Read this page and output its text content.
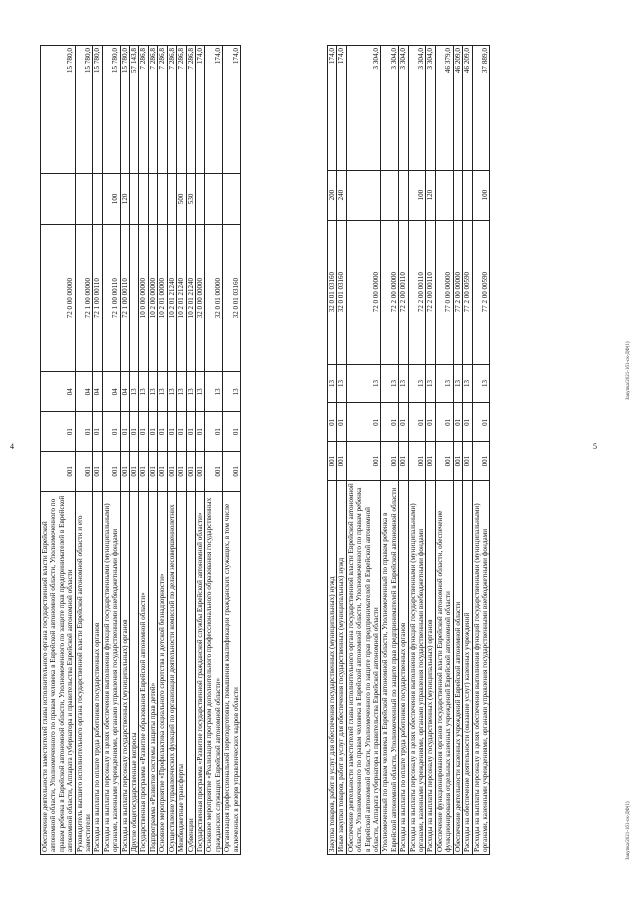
4	5
Закупка/2021-1б1-ск-ДФ(1)
Закупка/2021-1б1-ск-ДФ(1)
Обеспечение деятельности заместителей главы исполнительного органа государственной власти Еврейской автономной области, Уполномоченного по правам человека в Еврейской автономной области, Уполномоченного по правам ребенка в Еврейской автономной области, Уполномоченного по защите прав предпринимателей в Еврейской автономной области, Аппарата губернатора и правительства Еврейской автономной области	001	01	04	72 0 00 00000		15 780,0
Руководитель высшего исполнительного органа государственной власти Еврейской автономной области и его заместители	001	01	04	72 1 00 00000		15 780,0
Расходы на выплаты по оплате труда работников государственных органов	001	01	04	72 1 00 00110		15 780,0
Расходы на выплаты персоналу в целях обеспечения выполнения функций государственными (муниципальными) органами, казенными учреждениями, органами управления государственными внебюджетными фондами	001	01	04	72 1 00 00110	100	15 780,0
Расходы на выплаты персоналу государственных (муниципальных) органов	001	01	04	72 1 00 00110	120	15 780,0
Другие общегосударственные вопросы	001	01	13			57 143,8
Государственная программа «Развитие образования Еврейской автономной области»	001	01	13	10 0 00 00000		7 286,8
Подпрограмма «Развитие системы защиты прав детей»	001	01	13	10 2 00 00000		7 286,8
Основное мероприятие «Профилактика социального сиротства и детской безнадзорности»	001	01	13	10 2 01 00000		7 286,8
Осуществление управленческих функций по организации деятельности комиссий по делам несовершеннолетних	001	01	13	10 2 01 21240		7 286,8
Межбюджетные трансферты	001	01	13	10 2 01 21240	500	7 286,8
Субвенции	001	01	13	10 2 01 21240	530	7 286,8
Государственная программа «Развитие государственной гражданской службы Еврейской автономной области»	001	01	13	32 0 00 00000		174,0
Основное мероприятие «Реализация программ дополнительного профессионального образования государственных гражданских служащих Еврейской автономной области»	001	01	13	32 0 01 00000		174,0
Организация профессиональной переподготовки, повышения квалификации гражданских служащих, в том числе включенных в резерв управленческих кадров области	001	01	13	32 0 01 03160		174,0
Закупка товаров, работ и услуг для обеспечения государственных (муниципальных) нужд	001	01	13	32 0 01 03160	200	174,0
Иные закупки товаров, работ и услуг для обеспечения государственных (муниципальных) нужд	001	01	13	32 0 01 03160	240	174,0
Обеспечение деятельности заместителей главы исполнительного органа государственной власти Еврейской автономной области, Уполномоченного по правам человека в Еврейской автономной области, Уполномоченного по правам ребенка в Еврейской автономной области, Уполномоченного по защите прав предпринимателей в Еврейской автономной области, Аппарата губернатора и правительства Еврейской автономной области	001	01	13	72 0 00 00000		3 304,0
Уполномоченный по правам человека в Еврейской автономной области, Уполномоченный по правам ребенка в Еврейской автономной области, Уполномоченный по защите прав предпринимателей в Еврейской автономной области	001	01	13	72 2 00 00000		3 304,0
Расходы на выплаты по оплате труда работников государственных органов	001	01	13	72 2 00 00110		3 304,0
Расходы на выплаты персоналу в целях обеспечения выполнения функций государственными (муниципальными) органами, казенными учреждениями, органами управления государственными внебюджетными фондами	001	01	13	72 2 00 00110	100	3 304,0
Расходы на выплаты персоналу государственных (муниципальных) органов	001	01	13	72 2 00 00110	120	3 304,0
Обеспечение функционирования органов государственной власти Еврейской автономной области, обеспечение функционирования отдельных казенных учреждений Еврейской автономной области	001	01	13	77 0 00 00000		46 379,0
Обеспечение деятельности казенных учреждений Еврейской автономной области	001	01	13	77 2 00 00000		46 209,0
Расходы на обеспечение деятельности (оказание услуг) казенных учреждений	001	01	13	77 2 00 00590		46 209,0
Расходы на выплаты персоналу в целях обеспечения выполнения функций государственными (муниципальными) органами, казенными учреждениями, органами управления государственными внебюджетными фондами	001	01	13	77 2 00 00590	100	37 889,0
